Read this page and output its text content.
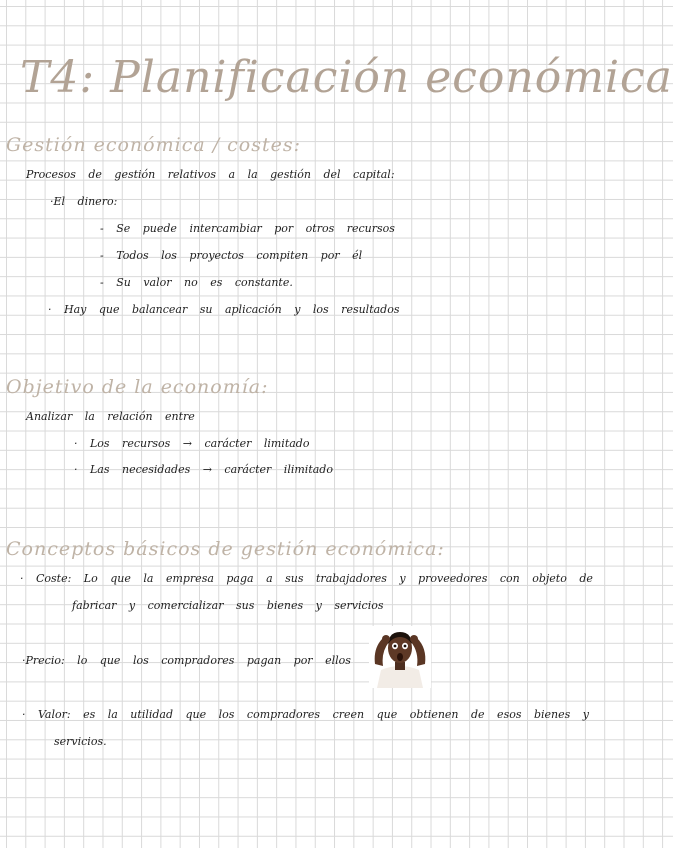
T4: Planificación económica
Gestión económica / costes:
Procesos de gestión relativos a la gestión del capital:
·El dinero:
- Se puede intercambiar por otros recursos
- Todos los proyectos compiten por él
- Su valor no es constante.
· Hay que balancear su aplicación y los resultados
Objetivo de la economía:
Analizar la relación entre
· Los recursos → carácter limitado
· Las necesidades → carácter ilimitado
Conceptos básicos de gestión económica:
· Coste: Lo que la empresa paga a sus trabajadores y proveedores con objeto de
fabricar y comercializar sus bienes y servicios
·Precio: lo que los compradores pagan por ellos
· Valor: es la utilidad que los compradores creen que obtienen de esos bienes y
servicios.
